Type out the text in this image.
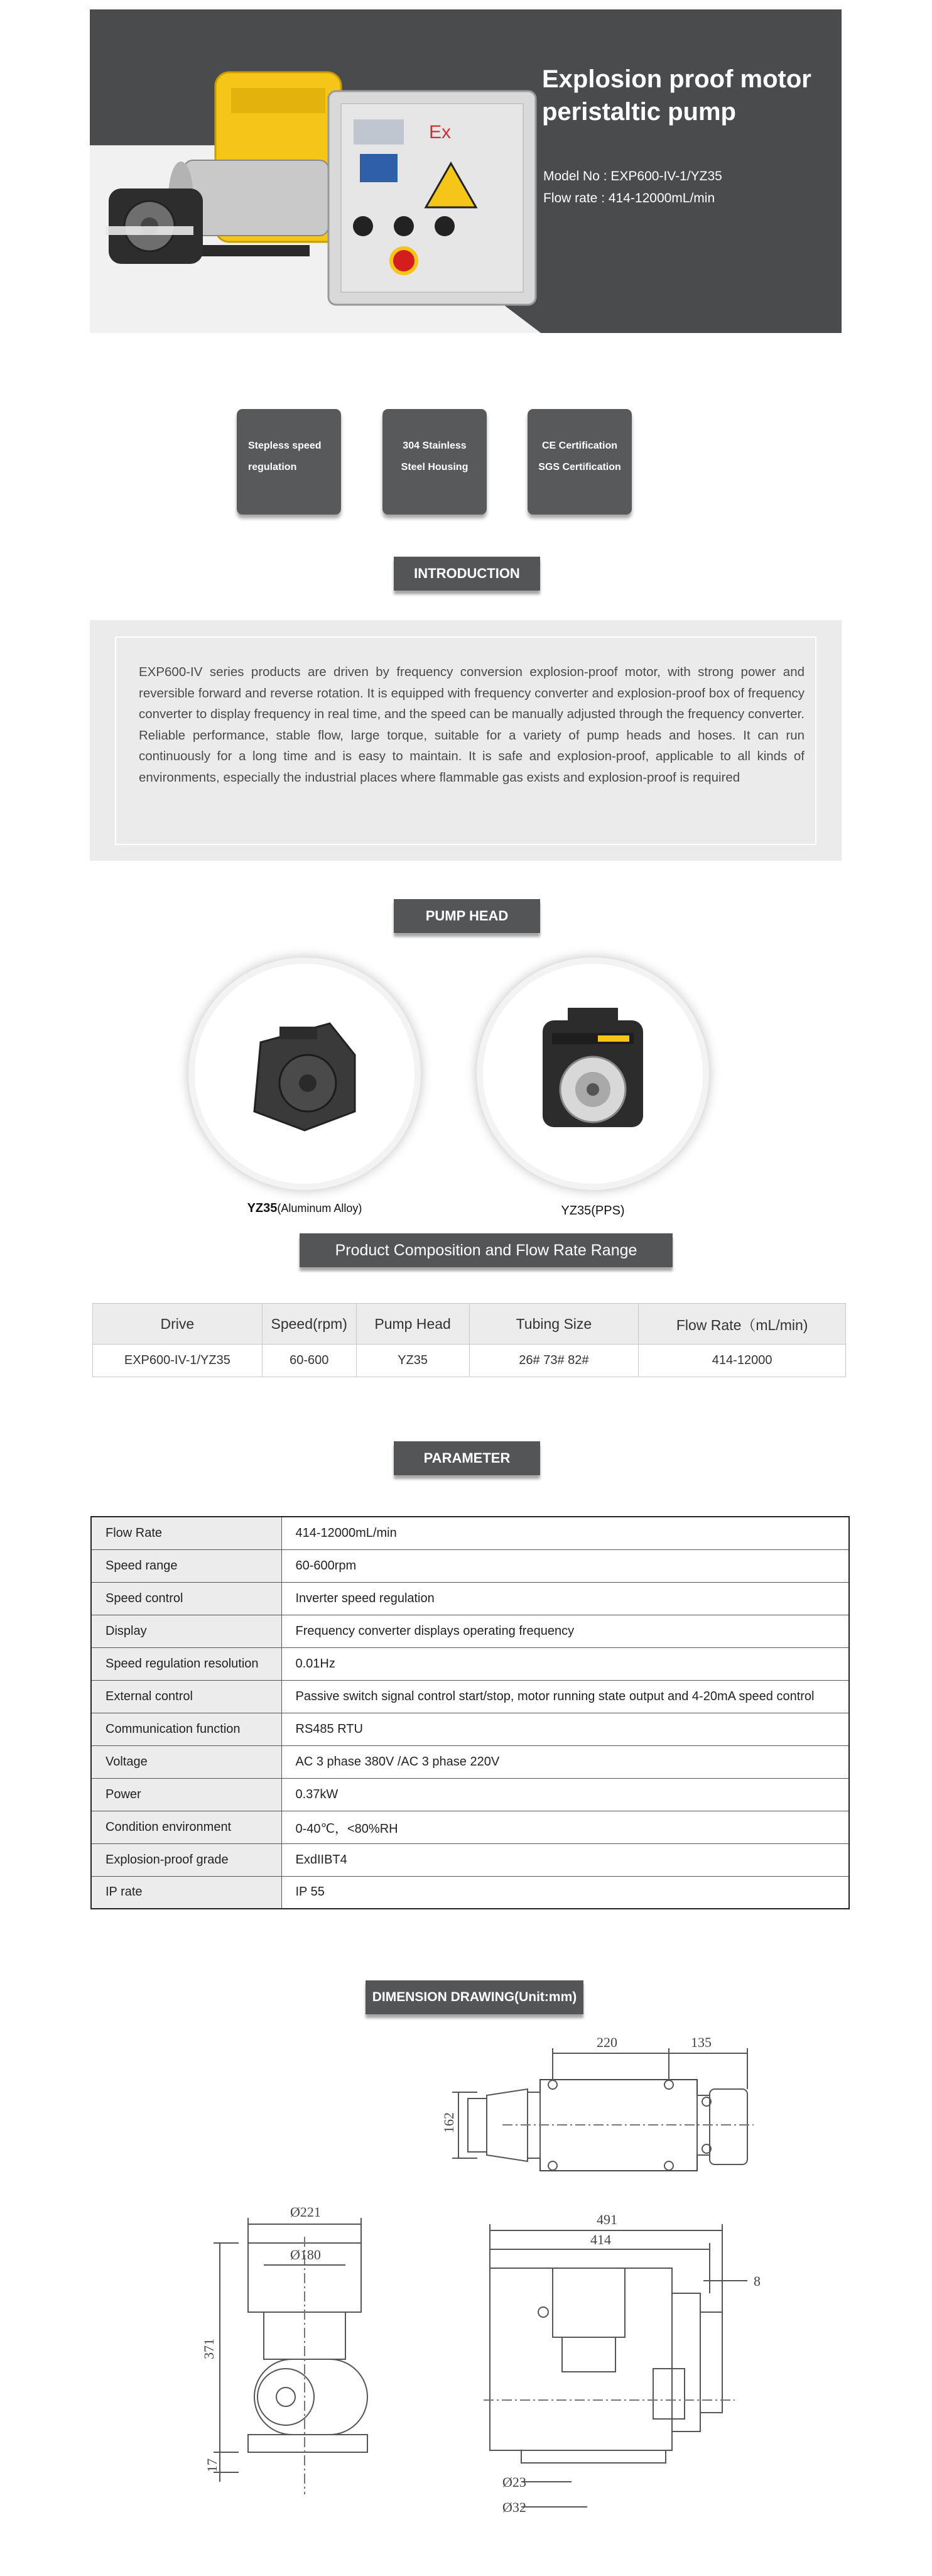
Ex
Explosion proof motor
peristaltic pump
Model No : EXP600-IV-1/YZ35
Flow rate : 414-12000mL/min
Stepless speed
regulation
304 Stainless
Steel Housing
CE Certification
SGS Certification
INTRODUCTION
EXP600-IV series products are driven by frequency conversion explosion-proof motor, with strong power and reversible forward and reverse rotation. It is equipped with frequency converter and explosion-proof box of frequency converter to display frequency in real time, and the speed can be manually adjusted through the frequency converter. Reliable performance, stable flow, large torque, suitable for a variety of pump heads and hoses. It can run continuously for a long time and is easy to maintain. It is safe and explosion-proof, applicable to all kinds of environments, especially the industrial places where flammable gas exists and explosion-proof is required
PUMP HEAD
YZ35(Aluminum Alloy)	YZ35(PPS)
Product Composition and Flow Rate Range
Drive	Speed(rpm)	Pump Head	Tubing Size	Flow Rate（mL/min)
EXP600-IV-1/YZ35	60-600	YZ35	26# 73# 82#	414-12000
PARAMETER
Flow Rate	414-12000mL/min
Speed range	60-600rpm
Speed control	Inverter speed regulation
Display	Frequency converter displays operating frequency
Speed regulation resolution	0.01Hz
External control	Passive switch signal control start/stop, motor running state output and 4-20mA speed control
Communication function	RS485 RTU
Voltage	AC 3 phase 380V /AC 3 phase 220V
Power	0.37kW
Condition environment	0-40℃，<80%RH
Explosion-proof grade	ExdIIBT4
IP rate	IP 55
DIMENSION DRAWING(Unit:mm)
220	135
162
Ø221
Ø180
371
17
491
414
8
Ø23
Ø32
